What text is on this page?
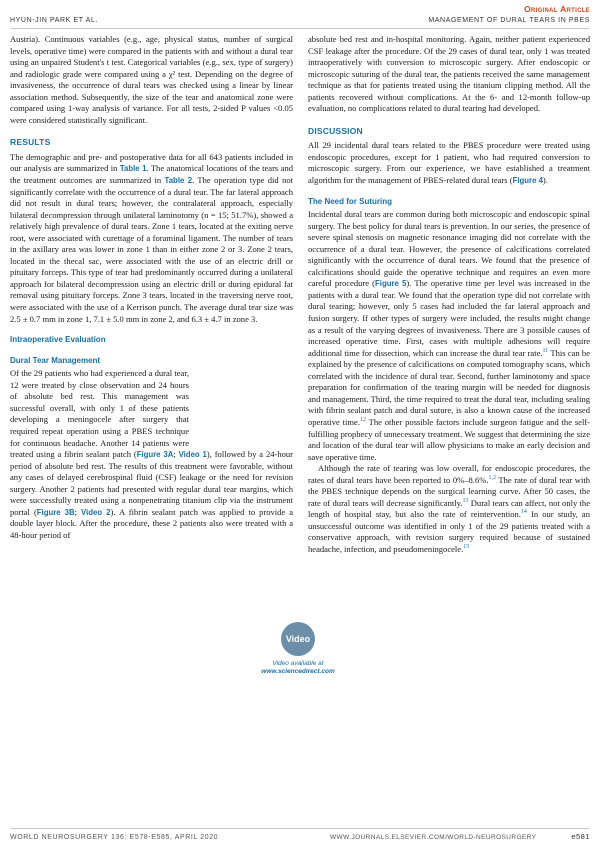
Original Article
HYUN-JIN PARK ET AL.	MANAGEMENT OF DURAL TEARS IN PBES

Austria). Continuous variables (e.g., age, physical status, number of surgical levels, operative time) were compared in the patients with and without a dural tear using an unpaired Student's t test. Categorical variables (e.g., sex, type of surgery) and radiologic grade were compared using a χ² test. Depending on the degree of invasiveness, the occurrence of dural tears was checked using a linear by linear association method. Subsequently, the size of the tear and anatomical zone were compared using 1-way analysis of variance. For all tests, 2-sided P values <0.05 were considered statistically significant.

RESULTS

The demographic and pre- and postoperative data for all 643 patients included in our analysis are summarized in Table 1. The anatomical locations of the tears and the treatment outcomes are summarized in Table 2. The operation type did not significantly correlate with the occurrence of a dural tear. The far lateral approach did not result in dural tears; however, the contralateral approach, especially bilateral decompression through unilateral laminotomy (n = 15; 51.7%), showed a relatively high prevalence of dural tears. Zone 1 tears, located at the exiting nerve root, were associated with curettage of a foraminal ligament. The number of tears in the axillary area was lower in zone 1 than in either zone 2 or 3. Zone 2 tears, located in the thecal sac, were associated with the use of an electric drill or pituitary forceps. This type of tear had predominantly occurred during a unilateral approach for bilateral decompression using an electric drill or during epidural fat removal using pituitary forceps. Zone 3 tears, located in the traversing nerve root, were associated with the use of a Kerrison punch. The average dural tear size was 2.5 ± 0.7 mm in zone 1, 7.1 ± 5.0 mm in zone 2, and 6.3 ± 4.7 in zone 3.

Intraoperative Evaluation
Dural Tear Management

Of the 29 patients who had experienced a dural tear, 12 were treated by close observation and 24 hours of absolute bed rest. This management was successful overall, with only 1 of these patients developing a meningocele after surgery that required repeat operation using a PBES technique for continuous headache. Another 14 patients were treated using a fibrin sealant patch (Figure 3A; Video 1), followed by a 24-hour period of absolute bed rest. The results of this treatment were favorable, without any cases of delayed cerebrospinal fluid (CSF) leakage or the need for revision surgery. Another 2 patients had presented with regular dural tear margins, which were successfully treated using a nonpenetrating titanium clip via the instrument portal (Figure 3B; Video 2). A fibrin sealant patch was applied to provide a double layer block. After the procedure, these 2 patients also were treated with a 48-hour period of

absolute bed rest and in-hospital monitoring. Again, neither patient experienced CSF leakage after the procedure. Of the 29 cases of dural tear, only 1 was treated intraoperatively with conversion to microscopic surgery. After endoscopic or microscopic suturing of the dural tear, the patients received the same management technique as that for patients treated using the titanium clipping method. All the patients recovered without complications. At the 6- and 12-month follow-up evaluation, no complications related to dural tearing had developed.

DISCUSSION

All 29 incidental dural tears related to the PBES procedure were treated using endoscopic procedures, except for 1 patient, who had required conversion to microscopic surgery. From our experience, we have established a treatment algorithm for the management of PBES-related dural tears (Figure 4).

The Need for Suturing

Incidental dural tears are common during both microscopic and endoscopic spinal surgery. The best policy for dural tears is prevention. In our series, the presence of severe spinal stenosis on magnetic resonance imaging did not correlate with the occurrence of a dural tear. However, the presence of calcifications correlated significantly with the occurrence of dural tears. We found that the presence of calcifications should guide the operative technique and requires an even more careful procedure (Figure 5). The operative time per level was increased in the patients with a dural tear. We found that the operation type did not correlate with dural tearing; however, only 5 cases had included the far lateral approach and fusion surgery. If other types of surgery were included, the results might change as a result of the varying degrees of invasiveness. There are 3 possible causes of increased operative time. First, cases with multiple adhesions will require additional time for dissection, which can increase the dural tear rate.$^{11}$ This can be explained by the presence of calcifications on computed tomography scans, which correlated with the incidence of dural tear. Second, further laminotomy and space preparation for confirmation of the tearing margin will be needed for diagnosis and management. Third, the time required to treat the dural tear, including sealing with fibrin sealant patch and dural suture, is also a known cause of the increased operative time.$^{12}$ The other possible factors include surgeon fatigue and the self-fulfilling prophecy of unnecessary treatment. We suggest that determining the size and location of the dural tear will allow physicians to make an early decision and save operative time.

Although the rate of tearing was low overall, for endoscopic procedures, the rates of dural tears have been reported to 0%–8.6%.$^{1,2}$ The rate of dural tear with the PBES technique depends on the surgical learning curve. After 50 cases, the rate of dural tears will decrease significantly.$^{13}$ Dural tears can affect, not only the length of hospital stay, but also the rate of reintervention.$^{14}$ In our study, an unsuccessful outcome was identified in only 1 of the 29 patients treated with a conservative approach, with revision surgery required because of sustained headache, infection, and pseudomeningocele.$^{15}$

Video
Video available at
www.sciencedirect.com
WORLD NEUROSURGERY 136: E578-E585, APRIL 2020	WWW.JOURNALS.ELSEVIER.COM/WORLD-NEUROSURGERY	e581
